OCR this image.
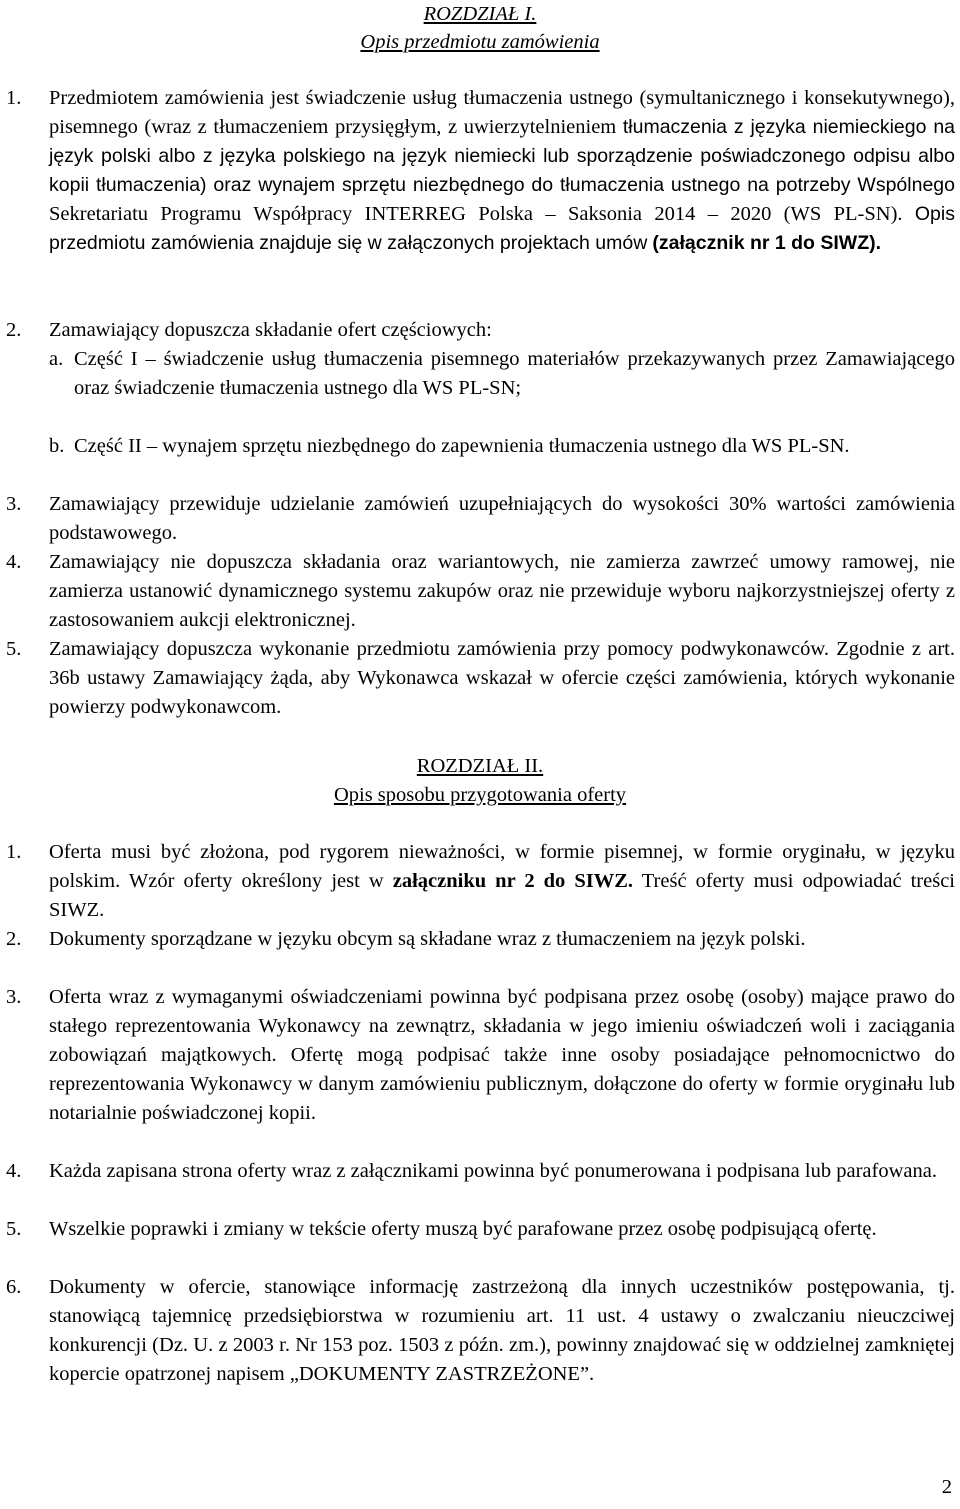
ROZDZIAŁ I.
Opis przedmiotu zamówienia
1. Przedmiotem zamówienia jest świadczenie usług tłumaczenia ustnego (symultanicznego i konsekutywnego), pisemnego (wraz z tłumaczeniem przysięgłym, z uwierzytelnieniem tłumaczenia z języka niemieckiego na język polski albo z języka polskiego na język niemiecki lub sporządzenie poświadczonego odpisu albo kopii tłumaczenia) oraz wynajem sprzętu niezbędnego do tłumaczenia ustnego na potrzeby Wspólnego Sekretariatu Programu Współpracy INTERREG Polska – Saksonia 2014 – 2020 (WS PL-SN). Opis przedmiotu zamówienia znajduje się w załączonych projektach umów (załącznik nr 1 do SIWZ).
2. Zamawiający dopuszcza składanie ofert częściowych:
a. Część I – świadczenie usług tłumaczenia pisemnego materiałów przekazywanych przez Zamawiającego oraz świadczenie tłumaczenia ustnego dla WS PL-SN;
b. Część II – wynajem sprzętu niezbędnego do zapewnienia tłumaczenia ustnego dla WS PL-SN.
3. Zamawiający przewiduje udzielanie zamówień uzupełniających do wysokości 30% wartości zamówienia podstawowego.
4. Zamawiający nie dopuszcza składania oraz wariantowych, nie zamierza zawrzeć umowy ramowej, nie zamierza ustanowić dynamicznego systemu zakupów oraz nie przewiduje wyboru najkorzystniejszej oferty z zastosowaniem aukcji elektronicznej.
5. Zamawiający dopuszcza wykonanie przedmiotu zamówienia przy pomocy podwykonawców. Zgodnie z art. 36b ustawy Zamawiający żąda, aby Wykonawca wskazał w ofercie części zamówienia, których wykonanie powierzy podwykonawcom.
ROZDZIAŁ II.
Opis sposobu przygotowania oferty
1. Oferta musi być złożona, pod rygorem nieważności, w formie pisemnej, w formie oryginału, w języku polskim. Wzór oferty określony jest w załączniku nr 2 do SIWZ. Treść oferty musi odpowiadać treści SIWZ.
2. Dokumenty sporządzane w języku obcym są składane wraz z tłumaczeniem na język polski.
3. Oferta wraz z wymaganymi oświadczeniami powinna być podpisana przez osobę (osoby) mające prawo do stałego reprezentowania Wykonawcy na zewnątrz, składania w jego imieniu oświadczeń woli i zaciągania zobowiązań majątkowych. Ofertę mogą podpisać także inne osoby posiadające pełnomocnictwo do reprezentowania Wykonawcy w danym zamówieniu publicznym, dołączone do oferty w formie oryginału lub notarialnie poświadczonej kopii.
4. Każda zapisana strona oferty wraz z załącznikami powinna być ponumerowana i podpisana lub parafowana.
5. Wszelkie poprawki i zmiany w tekście oferty muszą być parafowane przez osobę podpisującą ofertę.
6. Dokumenty w ofercie, stanowiące informację zastrzeżoną dla innych uczestników postępowania, tj. stanowiącą tajemnicę przedsiębiorstwa w rozumieniu art. 11 ust. 4 ustawy o zwalczaniu nieuczciwej konkurencji (Dz. U. z 2003 r. Nr 153 poz. 1503 z późn. zm.), powinny znajdować się w oddzielnej zamkniętej kopercie opatrzonej napisem „DOKUMENTY ZASTRZEŻONE”.
2
